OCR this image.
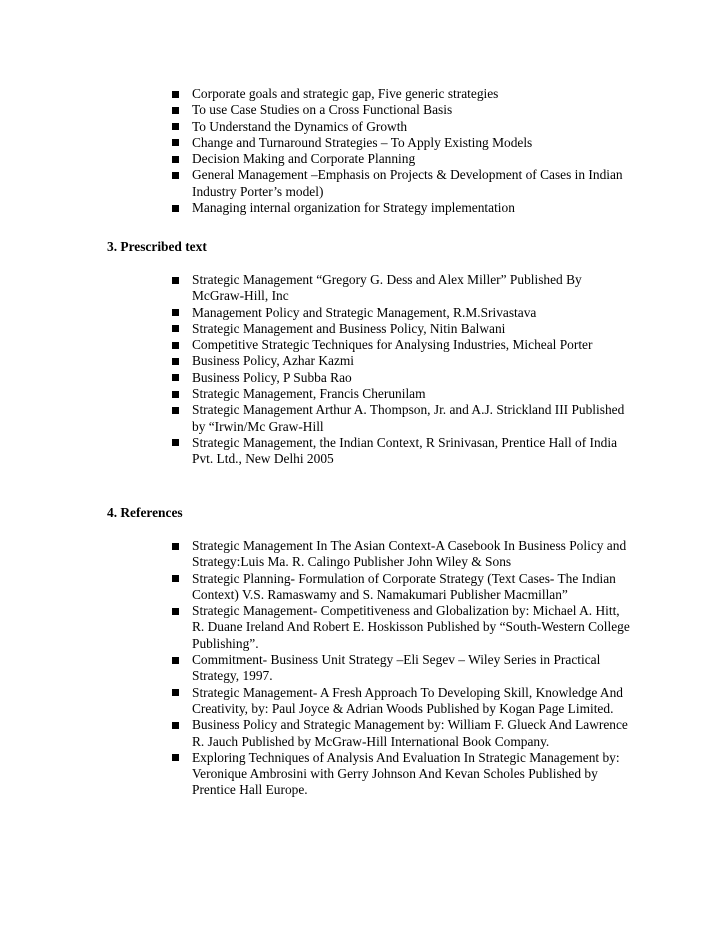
Corporate goals and strategic gap, Five generic strategies
To use Case Studies on a Cross Functional Basis
To Understand the Dynamics of Growth
Change and Turnaround Strategies – To Apply Existing Models
Decision Making and Corporate Planning
General Management –Emphasis on Projects & Development of Cases in Indian Industry Porter’s model)
Managing internal organization for Strategy implementation
3. Prescribed text
Strategic Management “Gregory G. Dess and Alex Miller” Published By McGraw-Hill, Inc
Management Policy and Strategic Management, R.M.Srivastava
Strategic Management and Business Policy, Nitin Balwani
Competitive Strategic Techniques for Analysing Industries, Micheal Porter
Business Policy, Azhar Kazmi
Business Policy, P Subba Rao
Strategic Management, Francis Cherunilam
Strategic Management Arthur A. Thompson, Jr. and A.J. Strickland III Published by “Irwin/Mc Graw-Hill
Strategic Management, the Indian Context, R Srinivasan, Prentice Hall of India Pvt. Ltd., New Delhi 2005
4. References
Strategic Management In The Asian Context-A Casebook In Business Policy and Strategy:Luis Ma. R. Calingo Publisher John Wiley & Sons
Strategic Planning- Formulation of Corporate Strategy (Text Cases- The Indian Context) V.S. Ramaswamy and S. Namakumari Publisher Macmillan”
Strategic Management- Competitiveness and Globalization by: Michael A. Hitt, R. Duane Ireland And Robert E. Hoskisson Published by “South-Western College Publishing”.
Commitment- Business Unit Strategy –Eli Segev – Wiley Series in Practical Strategy, 1997.
Strategic Management- A Fresh Approach To Developing Skill, Knowledge And Creativity, by: Paul Joyce & Adrian Woods Published by Kogan Page Limited.
Business Policy and Strategic Management by: William F. Glueck And Lawrence R. Jauch Published by McGraw-Hill International Book Company.
Exploring Techniques of Analysis And Evaluation In Strategic Management by: Veronique Ambrosini with Gerry Johnson And Kevan Scholes Published by Prentice Hall Europe.
